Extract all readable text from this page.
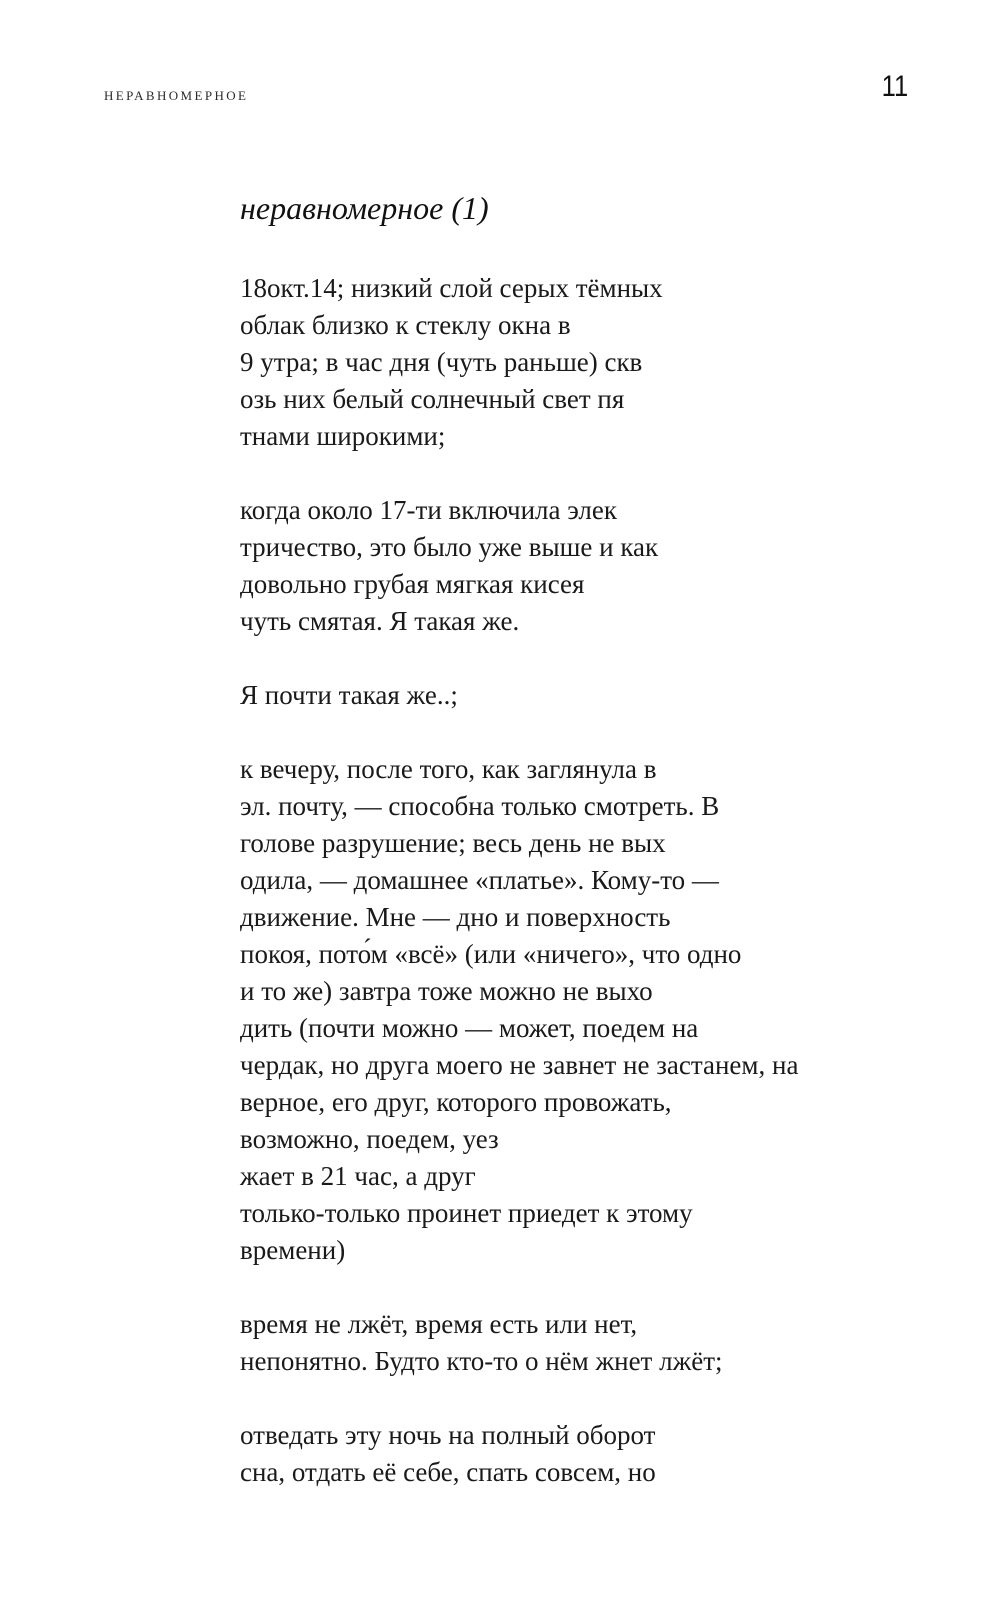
НЕРАВНОМЕРНОЕ	11
неравномерное (1)
18окт.14; низкий слой серых тёмных
облак близко к стеклу окна в
9 утра; в час дня (чуть раньше) скв
озь них белый солнечный свет пя
тнами широкими;
когда около 17-ти включила элек
тричество, это было уже выше и как
довольно грубая мягкая кисея
чуть смятая. Я такая же.
Я почти такая же..;
к вечеру, после того, как заглянула в
эл. почту, — способна только смотреть. В
голове разрушение; весь день не вых
одила, — домашнее «платье». Кому-то —
движение. Мне — дно и поверхность
покоя, пото́м «всё» (или «ничего», что одно
и то же) завтра тоже можно не выхо
дить (почти можно — может, поедем на
чердак, но друга моего не завнет не застанем, на
верное, его друг, которого провожать,
возможно, поедем, уез
жает в 21 час, а друг
только-только проинет приедет к этому
времени)
время не лжёт, время есть или нет,
непонятно. Будто кто-то о нём жнет лжёт;
отведать эту ночь на полный оборот
сна, отдать её себе, спать совсем, но
